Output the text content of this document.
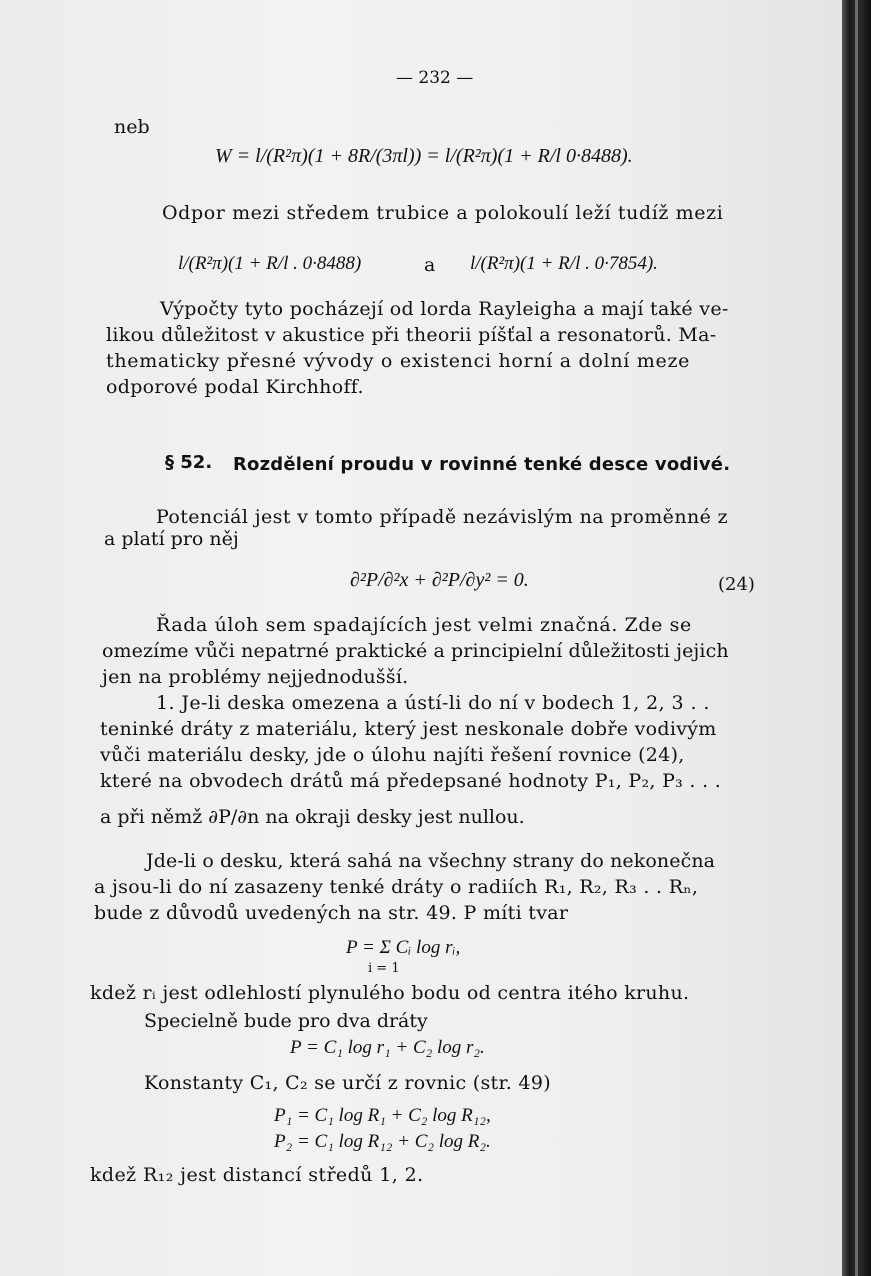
— 232 —
neb
W = l/(R²π)(1 + 8R/(3πl)) = l/(R²π)(1 + R/l 0·8488).
Odpor mezi středem trubice a polokoulí leží tudíž mezi
l/(R²π)(1 + R/l . 0·8488)	a l/(R²π)(1 + R/l . 0·7854).
Výpočty tyto pocházejí od lorda Rayleigha a mají také ve-
likou důležitost v akustice při theorii píšťal a resonatorů. Ma-
thematicky přesné vývody o existenci horní a dolní meze
odporové podal Kirchhoff.
§ 52. Rozdělení proudu v rovinné tenké desce vodivé.
Potenciál jest v tomto případě nezávislým na proměnné z
a platí pro něj
∂²P/∂²x + ∂²P/∂y² = 0.	(24)
Řada úloh sem spadajících jest velmi značná. Zde se
omezíme vůči nepatrné praktické a principielní důležitosti jejich
jen na problémy nejjednodušší.
1. Je-li deska omezena a ústí-li do ní v bodech 1, 2, 3 . .
teninké dráty z materiálu, který jest neskonale dobře vodivým
vůči materiálu desky, jde o úlohu najíti řešení rovnice (24),
které na obvodech drátů má předepsané hodnoty P₁, P₂, P₃ . . .
a při němž ∂P/∂n na okraji desky jest nullou.
Jde-li o desku, která sahá na všechny strany do nekonečna
a jsou-li do ní zasazeny tenké dráty o radiích R₁, R₂, R₃ . . Rₙ,
bude z důvodů uvedených na str. 49. P míti tvar
P = Σ Cᵢ log rᵢ,
i = 1
kdež rᵢ jest odlehlostí plynulého bodu od centra itého kruhu.
Specielně bude pro dva dráty
P = C₁ log r₁ + C₂ log r₂.
Konstanty C₁, C₂ se určí z rovnic (str. 49)
P₁ = C₁ log R₁ + C₂ log R₁₂,
P₂ = C₁ log R₁₂ + C₂ log R₂.
kdež R₁₂ jest distancí středů 1, 2.
